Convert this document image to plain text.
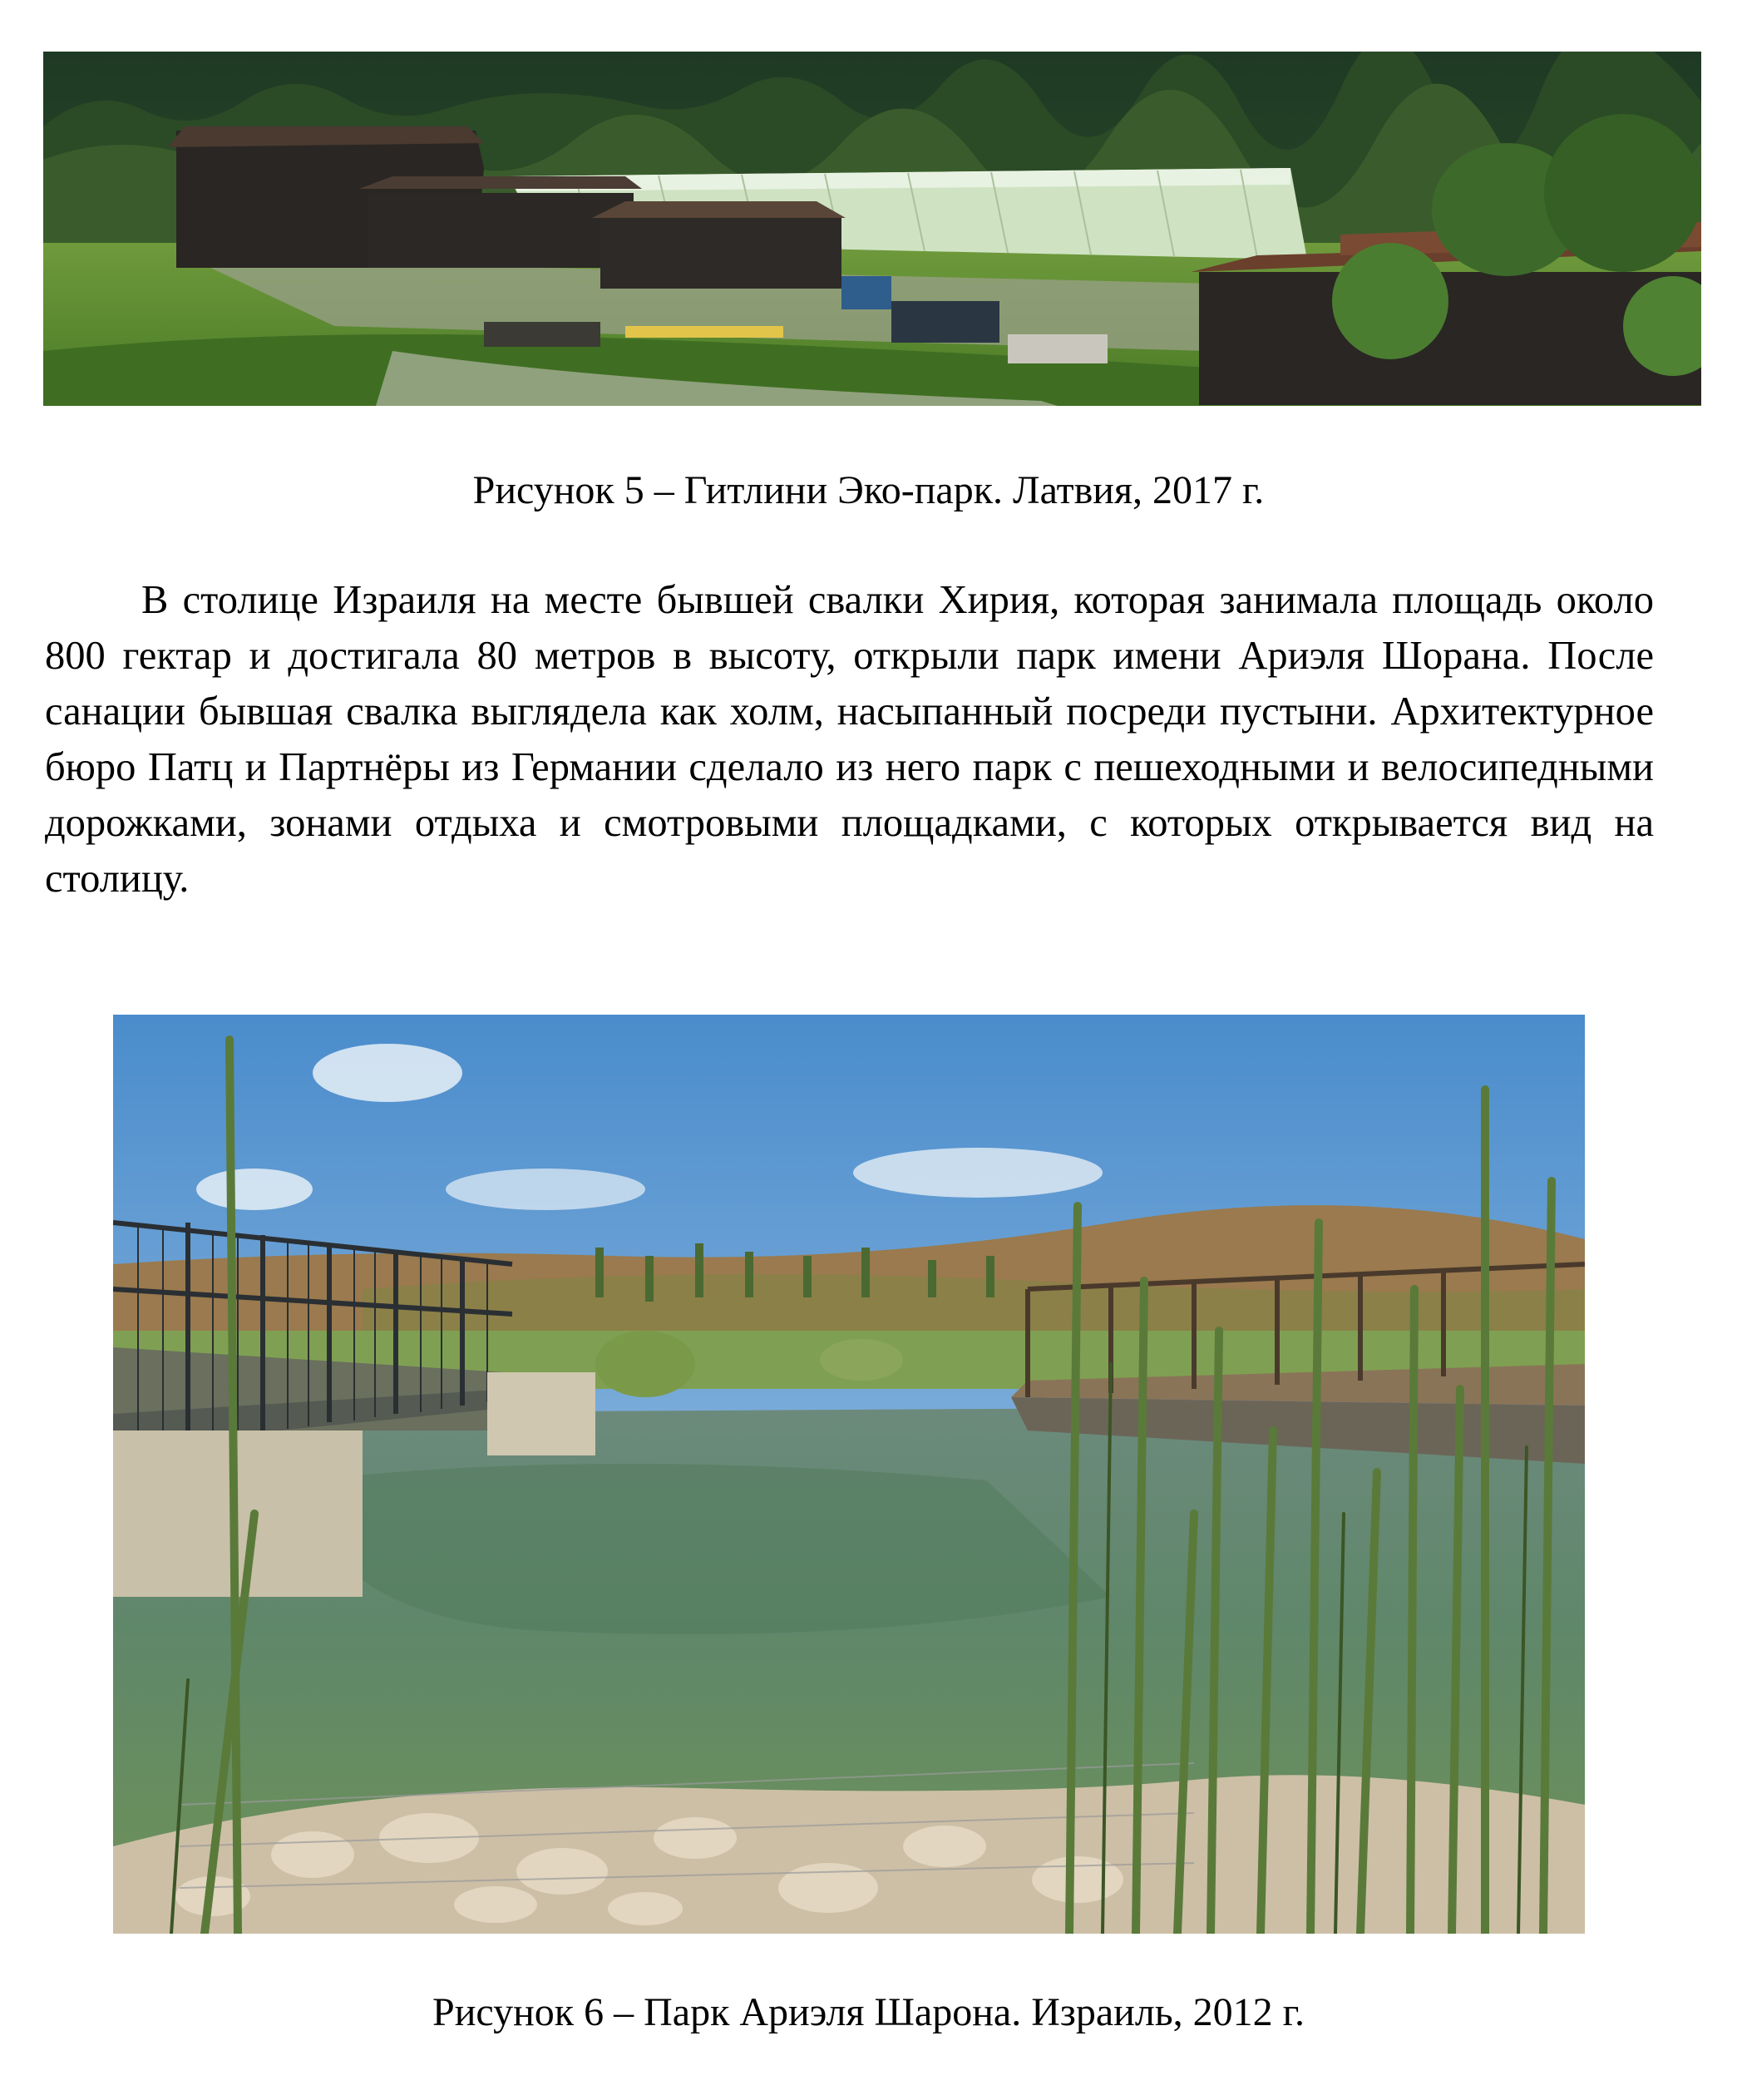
Рисунок 5 – Гитлини Эко-парк. Латвия, 2017 г.

В столице Израиля на месте бывшей свалки Хирия, которая занимала площадь около 800 гектар и достигала 80 метров в высоту, открыли парк имени Ариэля Шорана. После санации бывшая свалка выглядела как холм, насыпанный посреди пустыни. Архитектурное бюро Патц и Партнёры из Германии сделало из него парк с пешеходными и велосипедными дорожками, зонами отдыха и смотровыми площадками, с которых открывается вид на столицу.

Рисунок 6 – Парк Ариэля Шарона. Израиль, 2012 г.
